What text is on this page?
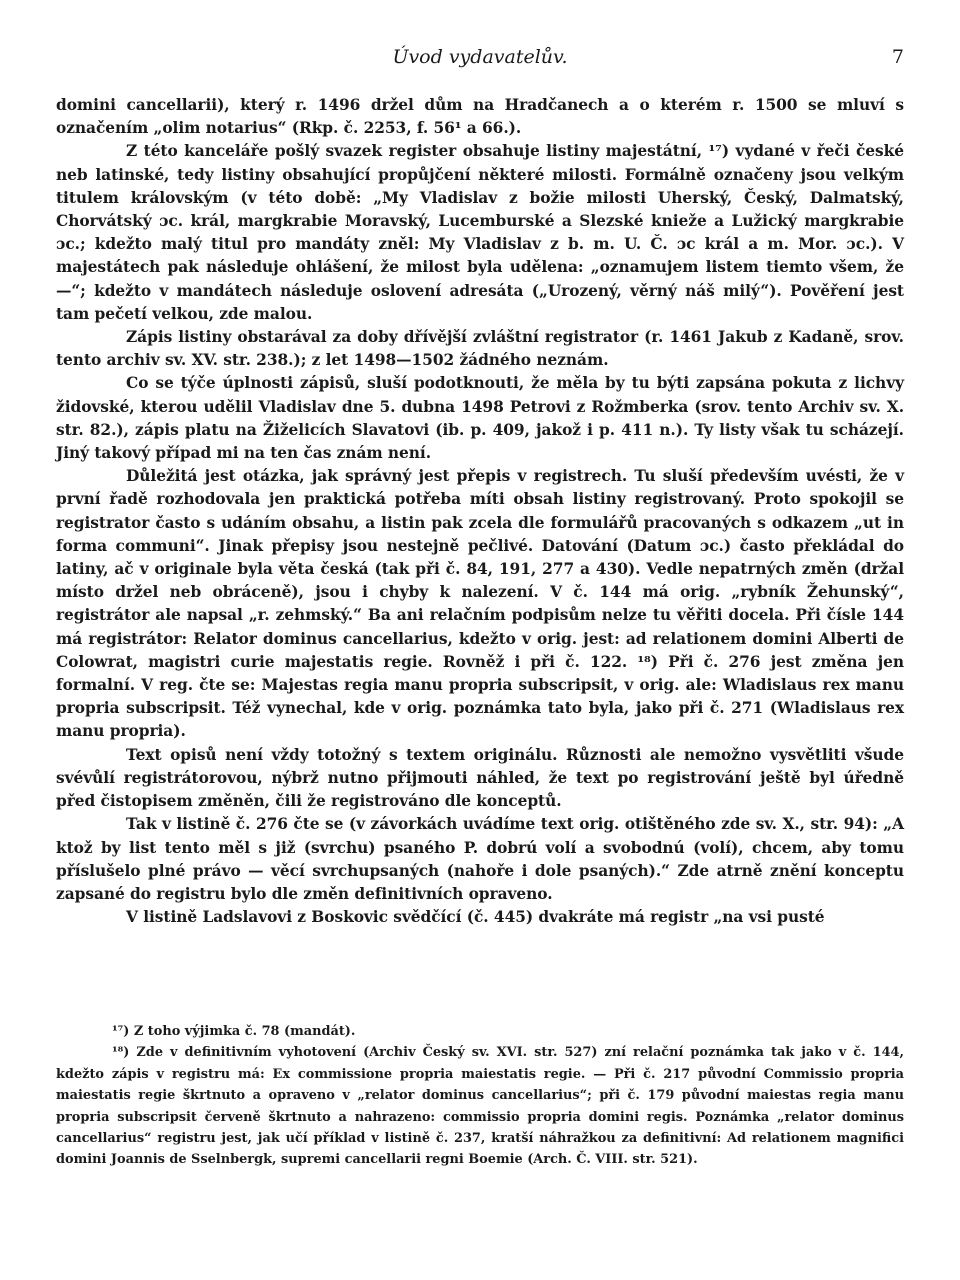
Úvod vydavatelův.	7

domini cancellarii), který r. 1496 držel dům na Hradčanech a o kterém r. 1500 se mluví s označením „olim notarius“ (Rkp. č. 2253, f. 56¹ a 66.).

Z této kanceláře pošlý svazek register obsahuje listiny majestátní, ¹⁷) vydané v řeči české neb latinské, tedy listiny obsahující propůjčení některé milosti. Formálně označeny jsou velkým titulem královským (v této době: „My Vladislav z božie milosti Uherský, Český, Dalmatský, Chorvátský ɔc. král, margkrabie Moravský, Lucemburské a Slezské knieže a Lužický margkrabie ɔc.; kdežto malý titul pro mandáty zněl: My Vladislav z b. m. U. Č. ɔc král a m. Mor. ɔc.). V majestátech pak následuje ohlášení, že milost byla udělena: „oznamujem listem tiemto všem, že —“; kdežto v mandátech následuje oslovení adresáta („Urozený, věrný náš milý“). Pověření jest tam pečetí velkou, zde malou.

Zápis listiny obstarával za doby dřívější zvláštní registrator (r. 1461 Jakub z Kadaně, srov. tento archiv sv. XV. str. 238.); z let 1498—1502 žádného neznám.

Co se týče úplnosti zápisů, sluší podotknouti, že měla by tu býti zapsána pokuta z lichvy židovské, kterou udělil Vladislav dne 5. dubna 1498 Petrovi z Rožmberka (srov. tento Archiv sv. X. str. 82.), zápis platu na Žiželicích Slavatovi (ib. p. 409, jakož i p. 411 n.). Ty listy však tu scházejí. Jiný takový případ mi na ten čas znám není.

Důležitá jest otázka, jak správný jest přepis v registrech. Tu sluší především uvésti, že v první řadě rozhodovala jen praktická potřeba míti obsah listiny registrovaný. Proto spokojil se registrator často s udáním obsahu, a listin pak zcela dle formulářů pracovaných s odkazem „ut in forma communi“. Jinak přepisy jsou nestejně pečlivé. Datování (Datum ɔc.) často překládal do latiny, ač v originale byla věta česká (tak při č. 84, 191, 277 a 430). Vedle nepatrných změn (držal místo držel neb obráceně), jsou i chyby k nalezení. V č. 144 má orig. „rybník Žehunský“, registrátor ale napsal „r. zehmský.“ Ba ani relačním podpisům nelze tu věřiti docela. Při čísle 144 má registrátor: Relator dominus cancellarius, kdežto v orig. jest: ad relationem domini Alberti de Colowrat, magistri curie majestatis regie. Rovněž i při č. 122. ¹⁸) Při č. 276 jest změna jen formalní. V reg. čte se: Majestas regia manu propria subscripsit, v orig. ale: Wladislaus rex manu propria subscripsit. Též vynechal, kde v orig. poznámka tato byla, jako při č. 271 (Wladislaus rex manu propria).

Text opisů není vždy totožný s textem originálu. Různosti ale nemožno vysvětliti všude svévůlí registrátorovou, nýbrž nutno přijmouti náhled, že text po registrování ještě byl úředně před čistopisem změněn, čili že registrováno dle konceptů.

Tak v listině č. 276 čte se (v závorkách uvádíme text orig. otištěného zde sv. X., str. 94): „A ktož by list tento měl s již (svrchu) psaného P. dobrú volí a svobodnú (volí), chcem, aby tomu příslušelo plné právo — věcí svrchupsaných (nahoře i dole psaných).“ Zde atrně znění konceptu zapsané do registru bylo dle změn definitivních opraveno.

V listině Ladslavovi z Boskovic svědčící (č. 445) dvakráte má registr „na vsi pusté

¹⁷) Z toho výjimka č. 78 (mandát).

¹⁸) Zde v definitivním vyhotovení (Archiv Český sv. XVI. str. 527) zní relační poznámka tak jako v č. 144, kdežto zápis v registru má: Ex commissione propria maiestatis regie. — Při č. 217 původní Commissio propria maiestatis regie škrtnuto a opraveno v „relator dominus cancellarius“; při č. 179 původní maiestas regia manu propria subscripsit červeně škrtnuto a nahrazeno: commissio propria domini regis. Poznámka „relator dominus cancellarius“ registru jest, jak učí příklad v listině č. 237, kratší náhražkou za definitivní: Ad relationem magnifici domini Joannis de Sselnbergk, supremi cancellarii regni Boemie (Arch. Č. VIII. str. 521).
